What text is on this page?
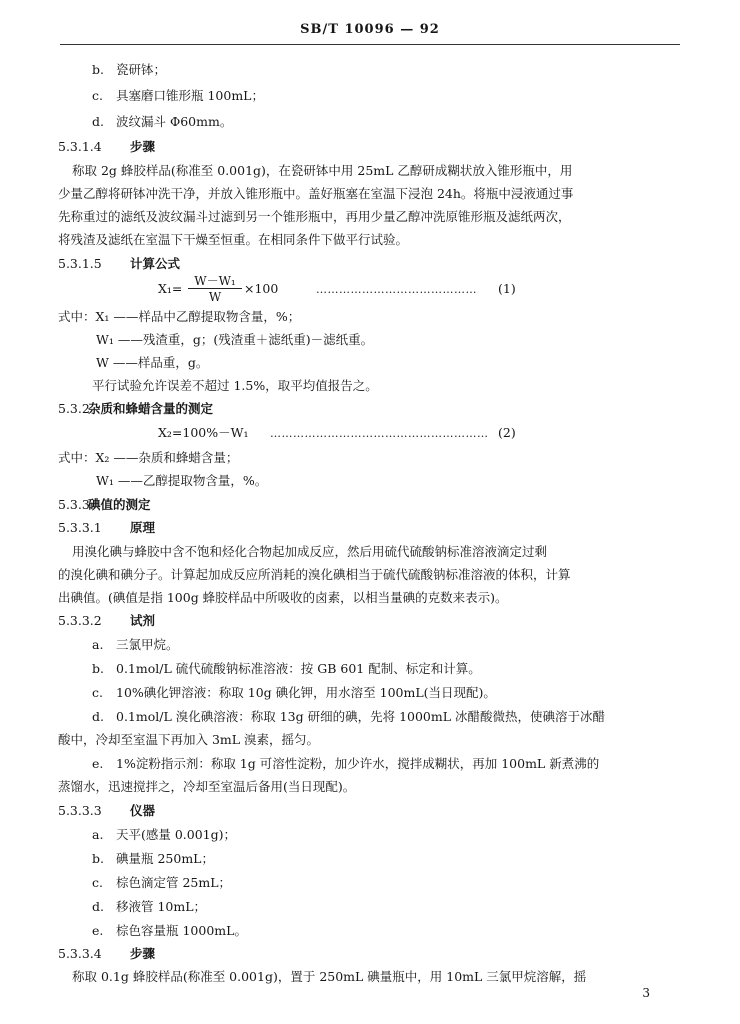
SB/T 10096 — 92
b. 瓷研钵；
c. 具塞磨口锥形瓶 100mL；
d. 波纹漏斗 Φ60mm。
5.3.1.4 步骤
称取 2g 蜂胶样品(称准至 0.001g)，在瓷研钵中用 25mL 乙醇研成糊状放入锥形瓶中，用
少量乙醇将研钵冲洗干净，并放入锥形瓶中。盖好瓶塞在室温下浸泡 24h。将瓶中浸液通过事
先称重过的滤纸及波纹漏斗过滤到另一个锥形瓶中，再用少量乙醇冲洗原锥形瓶及滤纸两次，
将残渣及滤纸在室温下干燥至恒重。在相同条件下做平行试验。
5.3.1.5 计算公式
X₁= W－W₁
W
×100	…………………………………… (1)
式中：X₁ ——样品中乙醇提取物含量，%；
W₁ ——残渣重，g；(残渣重＋滤纸重)－滤纸重。
W ——样品重，g。
平行试验允许误差不超过 1.5%，取平均值报告之。
5.3.2杂质和蜂蜡含量的测定
X₂=100%－W₁ ………………………………………………… (2)
式中：X₂ ——杂质和蜂蜡含量；
W₁ ——乙醇提取物含量，%。
5.3.3碘值的测定
5.3.3.1 原理
用溴化碘与蜂胶中含不饱和烃化合物起加成反应，然后用硫代硫酸钠标准溶液滴定过剩
的溴化碘和碘分子。计算起加成反应所消耗的溴化碘相当于硫代硫酸钠标准溶液的体积，计算
出碘值。(碘值是指 100g 蜂胶样品中所吸收的卤素，以相当量碘的克数来表示)。
5.3.3.2 试剂
a. 三氯甲烷。
b. 0.1mol/L 硫代硫酸钠标准溶液：按 GB 601 配制、标定和计算。
c. 10%碘化钾溶液：称取 10g 碘化钾，用水溶至 100mL(当日现配)。
d. 0.1mol/L 溴化碘溶液：称取 13g 研细的碘，先将 1000mL 冰醋酸微热，使碘溶于冰醋
酸中，冷却至室温下再加入 3mL 溴素，摇匀。
e. 1%淀粉指示剂：称取 1g 可溶性淀粉，加少许水，搅拌成糊状，再加 100mL 新煮沸的
蒸馏水，迅速搅拌之，冷却至室温后备用(当日现配)。
5.3.3.3 仪器
a. 天平(感量 0.001g)；
b. 碘量瓶 250mL；
c. 棕色滴定管 25mL；
d. 移液管 10mL；
e. 棕色容量瓶 1000mL。
5.3.3.4 步骤
称取 0.1g 蜂胶样品(称准至 0.001g)，置于 250mL 碘量瓶中，用 10mL 三氯甲烷溶解，摇
3
